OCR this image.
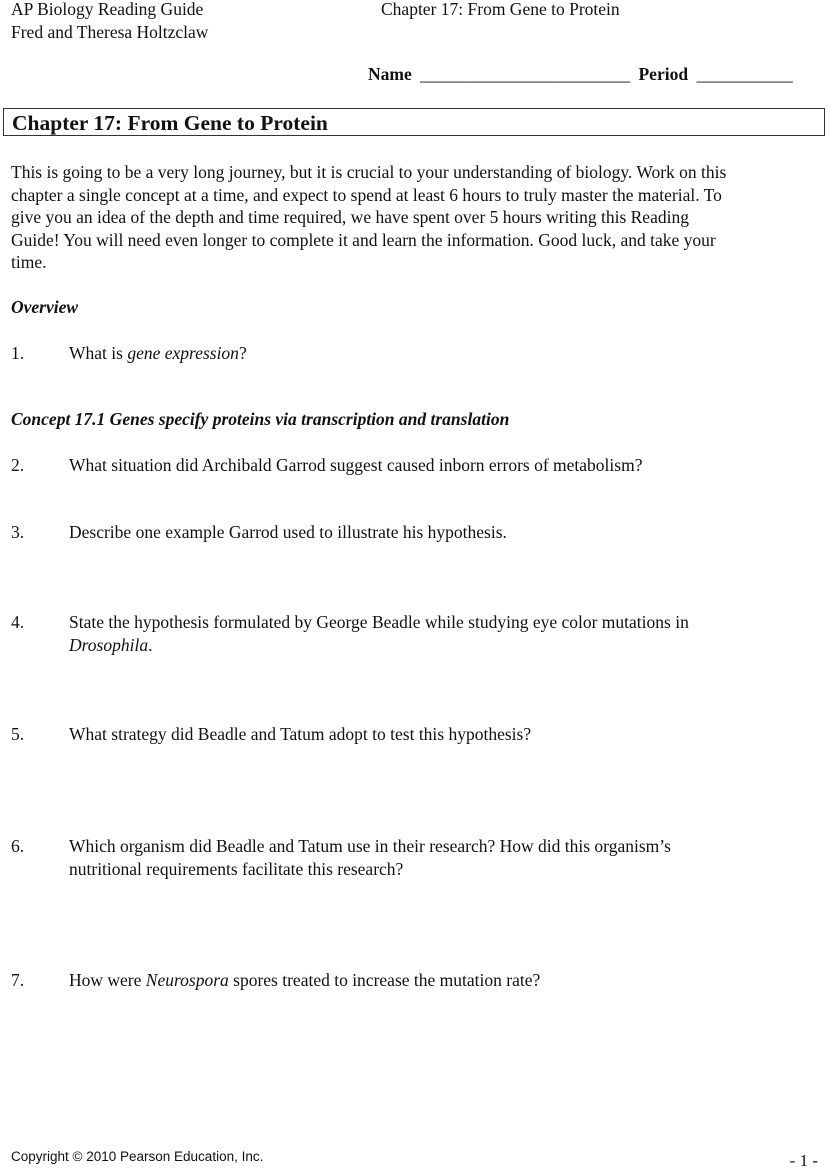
AP Biology Reading Guide
Fred and Theresa Holtzclaw
Chapter 17: From Gene to Protein
Name ________________________ Period ___________
Chapter 17: From Gene to Protein
This is going to be a very long journey, but it is crucial to your understanding of biology. Work on this
chapter a single concept at a time, and expect to spend at least 6 hours to truly master the material. To
give you an idea of the depth and time required, we have spent over 5 hours writing this Reading
Guide! You will need even longer to complete it and learn the information. Good luck, and take your
time.
Overview
1.	What is gene expression?
Concept 17.1 Genes specify proteins via transcription and translation
2.	What situation did Archibald Garrod suggest caused inborn errors of metabolism?
3.	Describe one example Garrod used to illustrate his hypothesis.
4.	State the hypothesis formulated by George Beadle while studying eye color mutations in
Drosophila.
5.	What strategy did Beadle and Tatum adopt to test this hypothesis?
6.	Which organism did Beadle and Tatum use in their research? How did this organism’s
nutritional requirements facilitate this research?
7.	How were Neurospora spores treated to increase the mutation rate?
Copyright © 2010 Pearson Education, Inc.	- 1 -
